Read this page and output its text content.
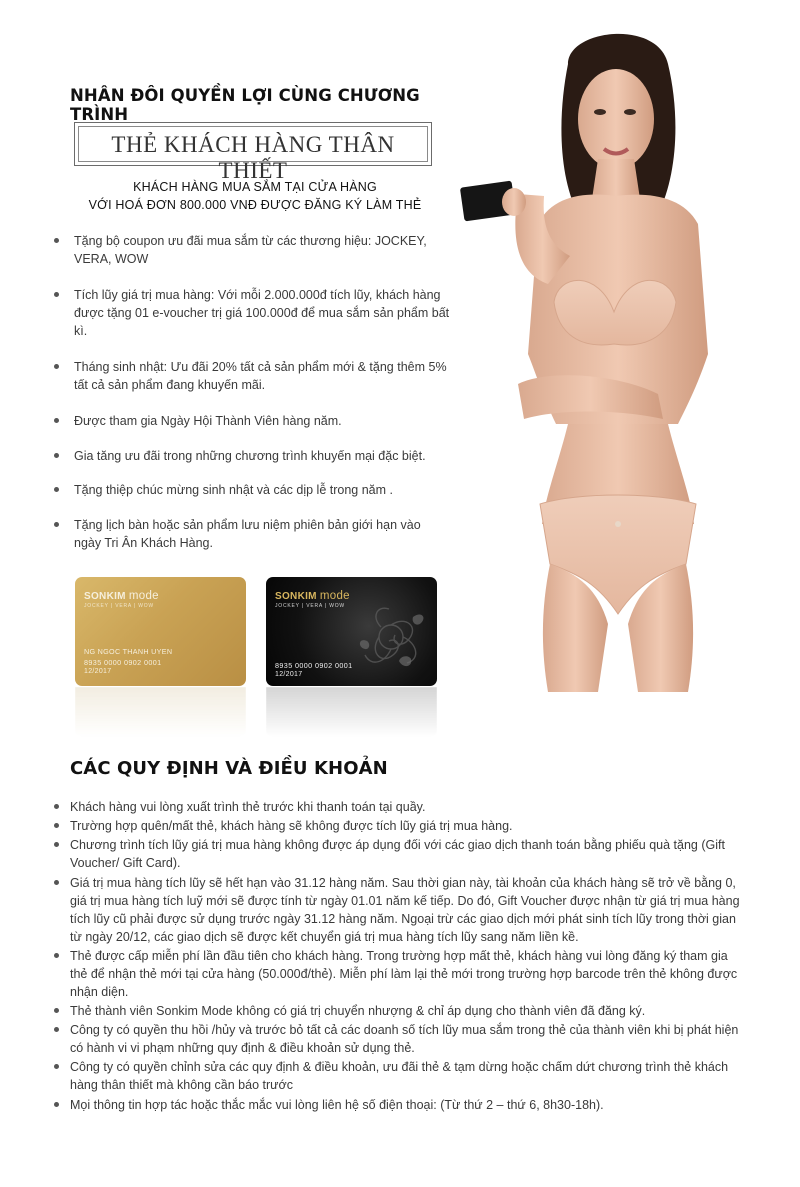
NHÂN ĐÔI QUYỀN LỢI CÙNG CHƯƠNG TRÌNH
THẺ KHÁCH HÀNG THÂN THIẾT
KHÁCH HÀNG MUA SẮM TẠI CỬA HÀNG
VỚI HOÁ ĐƠN 800.000 VNĐ ĐƯỢC ĐĂNG KÝ LÀM THẺ
Tặng bộ coupon ưu đãi mua sắm từ các thương hiệu: JOCKEY, VERA, WOW
Tích lũy giá trị mua hàng: Với mỗi 2.000.000đ tích lũy, khách hàng được tặng 01 e-voucher trị giá 100.000đ để mua sắm sản phẩm bất kì.
Tháng sinh nhật: Ưu đãi 20% tất cả sản phẩm mới & tặng thêm 5% tất cả sản phẩm đang khuyến mãi.
Được tham gia Ngày Hội Thành Viên hàng năm.
Gia tăng ưu đãi trong những chương trình khuyến mại đặc biệt.
Tặng thiệp chúc mừng sinh nhật và các dịp lễ trong năm .
Tặng lịch bàn hoặc sản phẩm lưu niệm phiên bản giới hạn vào ngày Tri Ân Khách Hàng.
SONKIM mode
JOCKEY | VERA | WOW
NG NGOC THANH UYEN
8935 0000 0902 0001
12/2017
SONKIM mode
JOCKEY | VERA | WOW
8935 0000 0902 0001
12/2017
CÁC QUY ĐỊNH VÀ ĐIỀU KHOẢN
Khách hàng vui lòng xuất trình thẻ trước khi thanh toán tại quầy.
Trường hợp quên/mất thẻ, khách hàng sẽ không được tích lũy giá trị mua hàng.
Chương trình tích lũy giá trị mua hàng không được áp dụng đối với các giao dịch thanh toán bằng phiếu quà tặng (Gift Voucher/ Gift Card).
Giá trị mua hàng tích lũy sẽ hết hạn vào 31.12 hàng năm. Sau thời gian này, tài khoản của khách hàng sẽ trở về bằng 0, giá trị mua hàng tích luỹ mới sẽ được tính từ ngày 01.01 năm kế tiếp. Do đó, Gift Voucher được nhận từ giá trị mua hàng tích lũy cũ phải được sử dụng trước ngày 31.12 hàng năm. Ngoại trừ các giao dịch mới phát sinh tích lũy trong thời gian từ ngày 20/12, các giao dịch sẽ được kết chuyển giá trị mua hàng tích lũy sang năm liền kề.
Thẻ được cấp miễn phí lần đầu tiên cho khách hàng. Trong trường hợp mất thẻ, khách hàng vui lòng đăng ký tham gia thẻ để nhận thẻ mới tại cửa hàng (50.000đ/thẻ). Miễn phí làm lại thẻ mới trong trường hợp barcode trên thẻ không được nhận diện.
Thẻ thành viên Sonkim Mode không có giá trị chuyển nhượng & chỉ áp dụng cho thành viên đã đăng ký.
Công ty có quyền thu hồi /hủy và trước bỏ tất cả các doanh số tích lũy mua sắm trong thẻ của thành viên khi bị phát hiện có hành vi vi phạm những quy định & điều khoản sử dụng thẻ.
Công ty có quyền chỉnh sửa các quy định & điều khoản, ưu đãi thẻ & tạm dừng hoặc chấm dứt chương trình thẻ khách hàng thân thiết mà không cần báo trước
Mọi thông tin hợp tác hoặc thắc mắc vui lòng liên hệ số điện thoại: (Từ thứ 2 – thứ 6, 8h30-18h).
